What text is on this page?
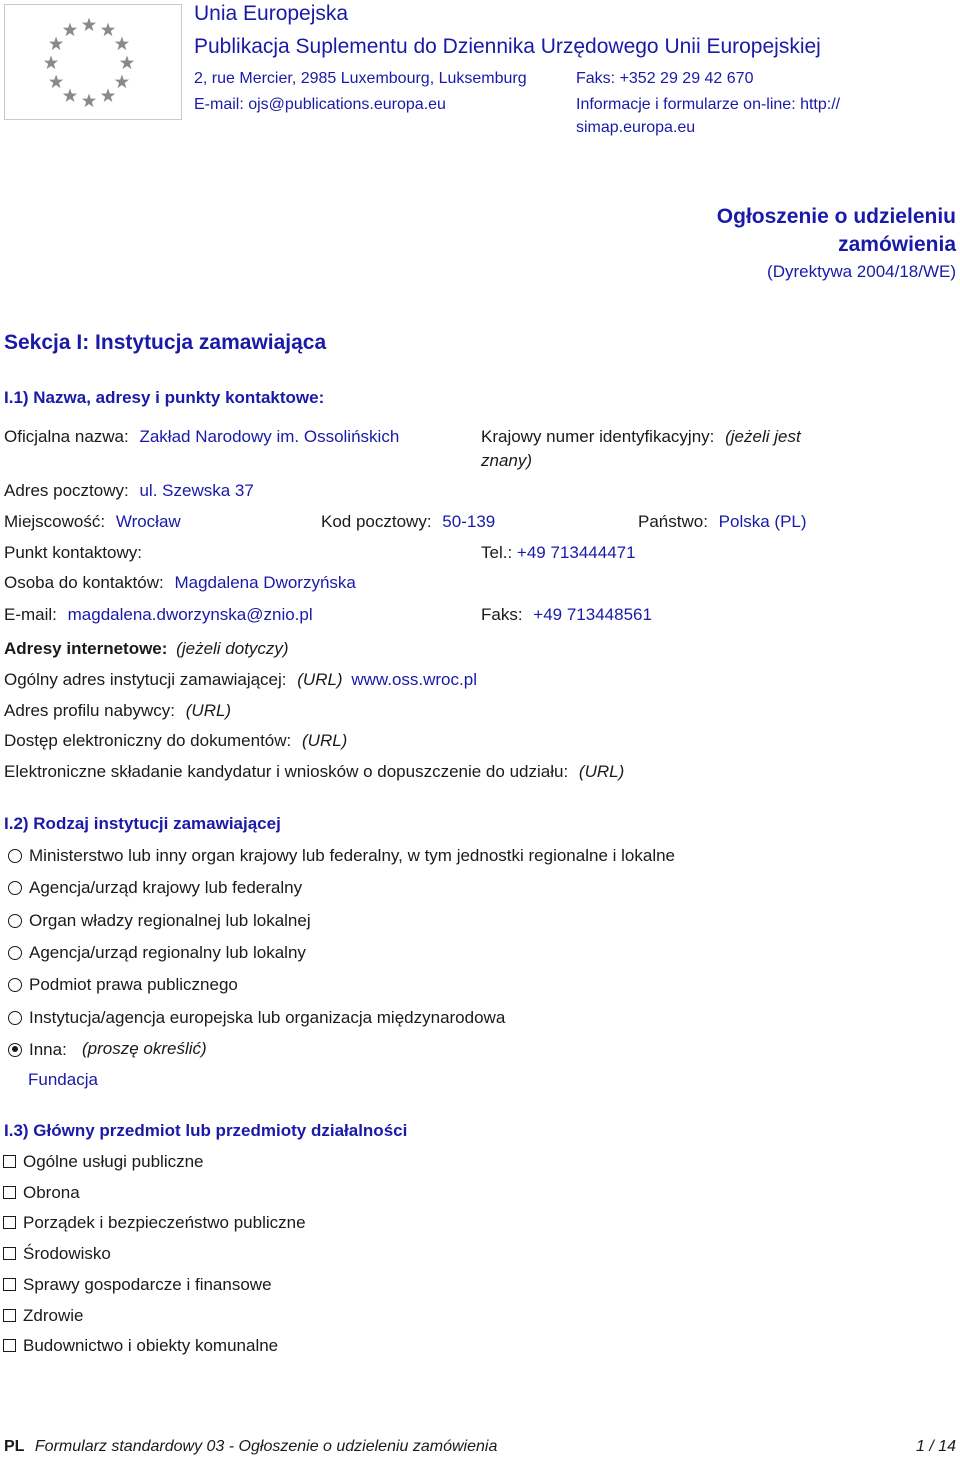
Unia Europejska
Publikacja Suplementu do Dziennika Urzędowego Unii Europejskiej
2, rue Mercier, 2985 Luxembourg, Luksemburg	Faks: +352 29 29 42 670
E-mail: ojs@publications.europa.eu	Informacje i formularze on-line: http://
simap.europa.eu
Ogłoszenie o udzieleniu
zamówienia
(Dyrektywa 2004/18/WE)
Sekcja I: Instytucja zamawiająca
I.1) Nazwa, adresy i punkty kontaktowe:
Oficjalna nazwa: Zakład Narodowy im. Ossolińskich	Krajowy numer identyfikacyjny: (jeżeli jest
znany)
Adres pocztowy: ul. Szewska 37
Miejscowość: Wrocław	Kod pocztowy: 50-139	Państwo: Polska (PL)
Punkt kontaktowy:	Tel.: +49 713444471
Osoba do kontaktów: Magdalena Dworzyńska
E-mail: magdalena.dworzynska@znio.pl	Faks: +49 713448561
Adresy internetowe: (jeżeli dotyczy)
Ogólny adres instytucji zamawiającej: (URL) www.oss.wroc.pl
Adres profilu nabywcy: (URL)
Dostęp elektroniczny do dokumentów: (URL)
Elektroniczne składanie kandydatur i wniosków o dopuszczenie do udziału: (URL)
I.2) Rodzaj instytucji zamawiającej
Ministerstwo lub inny organ krajowy lub federalny, w tym jednostki regionalne i lokalne
Agencja/urząd krajowy lub federalny
Organ władzy regionalnej lub lokalnej
Agencja/urząd regionalny lub lokalny
Podmiot prawa publicznego
Instytucja/agencja europejska lub organizacja międzynarodowa
Inna: (proszę określić)
Fundacja
I.3) Główny przedmiot lub przedmioty działalności
Ogólne usługi publiczne
Obrona
Porządek i bezpieczeństwo publiczne
Środowisko
Sprawy gospodarcze i finansowe
Zdrowie
Budownictwo i obiekty komunalne
PL Formularz standardowy 03 - Ogłoszenie o udzieleniu zamówienia	1 / 14
